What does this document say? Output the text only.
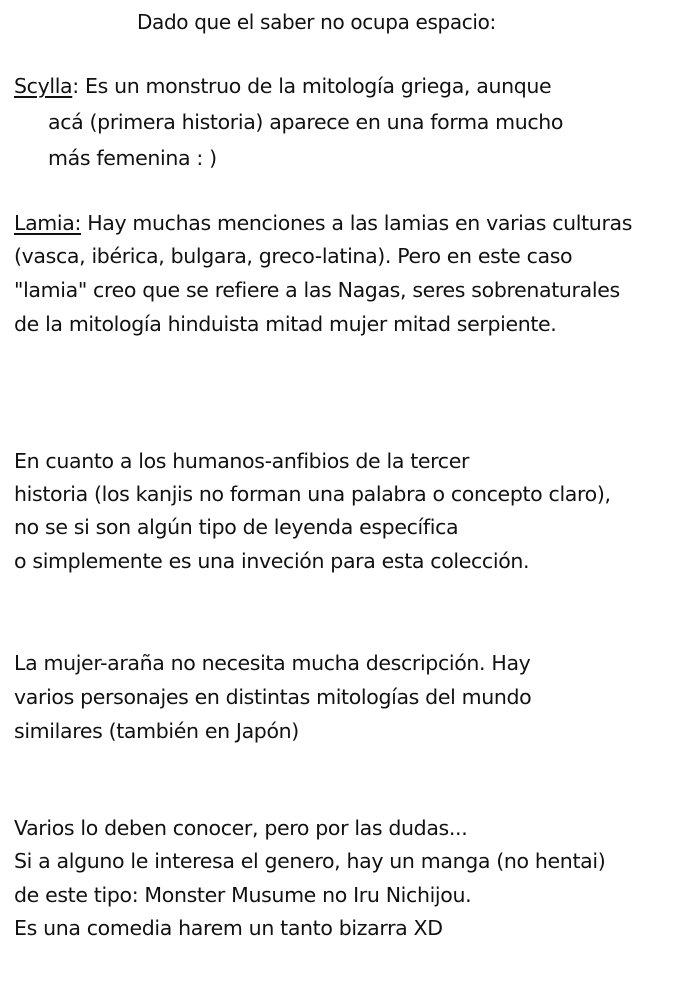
Dado que el saber no ocupa espacio:
Scylla: Es un monstruo de la mitología griega, aunque
acá (primera historia) aparece en una forma mucho
más femenina : )
Lamia: Hay muchas menciones a las lamias en varias culturas
(vasca, ibérica, bulgara, greco-latina). Pero en este caso
"lamia" creo que se refiere a las Nagas, seres sobrenaturales
de la mitología hinduista mitad mujer mitad serpiente.
En cuanto a los humanos-anfibios de la tercer
historia (los kanjis no forman una palabra o concepto claro),
no se si son algún tipo de leyenda específica
o simplemente es una inveción para esta colección.
La mujer-araña no necesita mucha descripción. Hay
varios personajes en distintas mitologías del mundo
similares (también en Japón)
Varios lo deben conocer, pero por las dudas...
Si a alguno le interesa el genero, hay un manga (no hentai)
de este tipo: Monster Musume no Iru Nichijou.
Es una comedia harem un tanto bizarra XD
